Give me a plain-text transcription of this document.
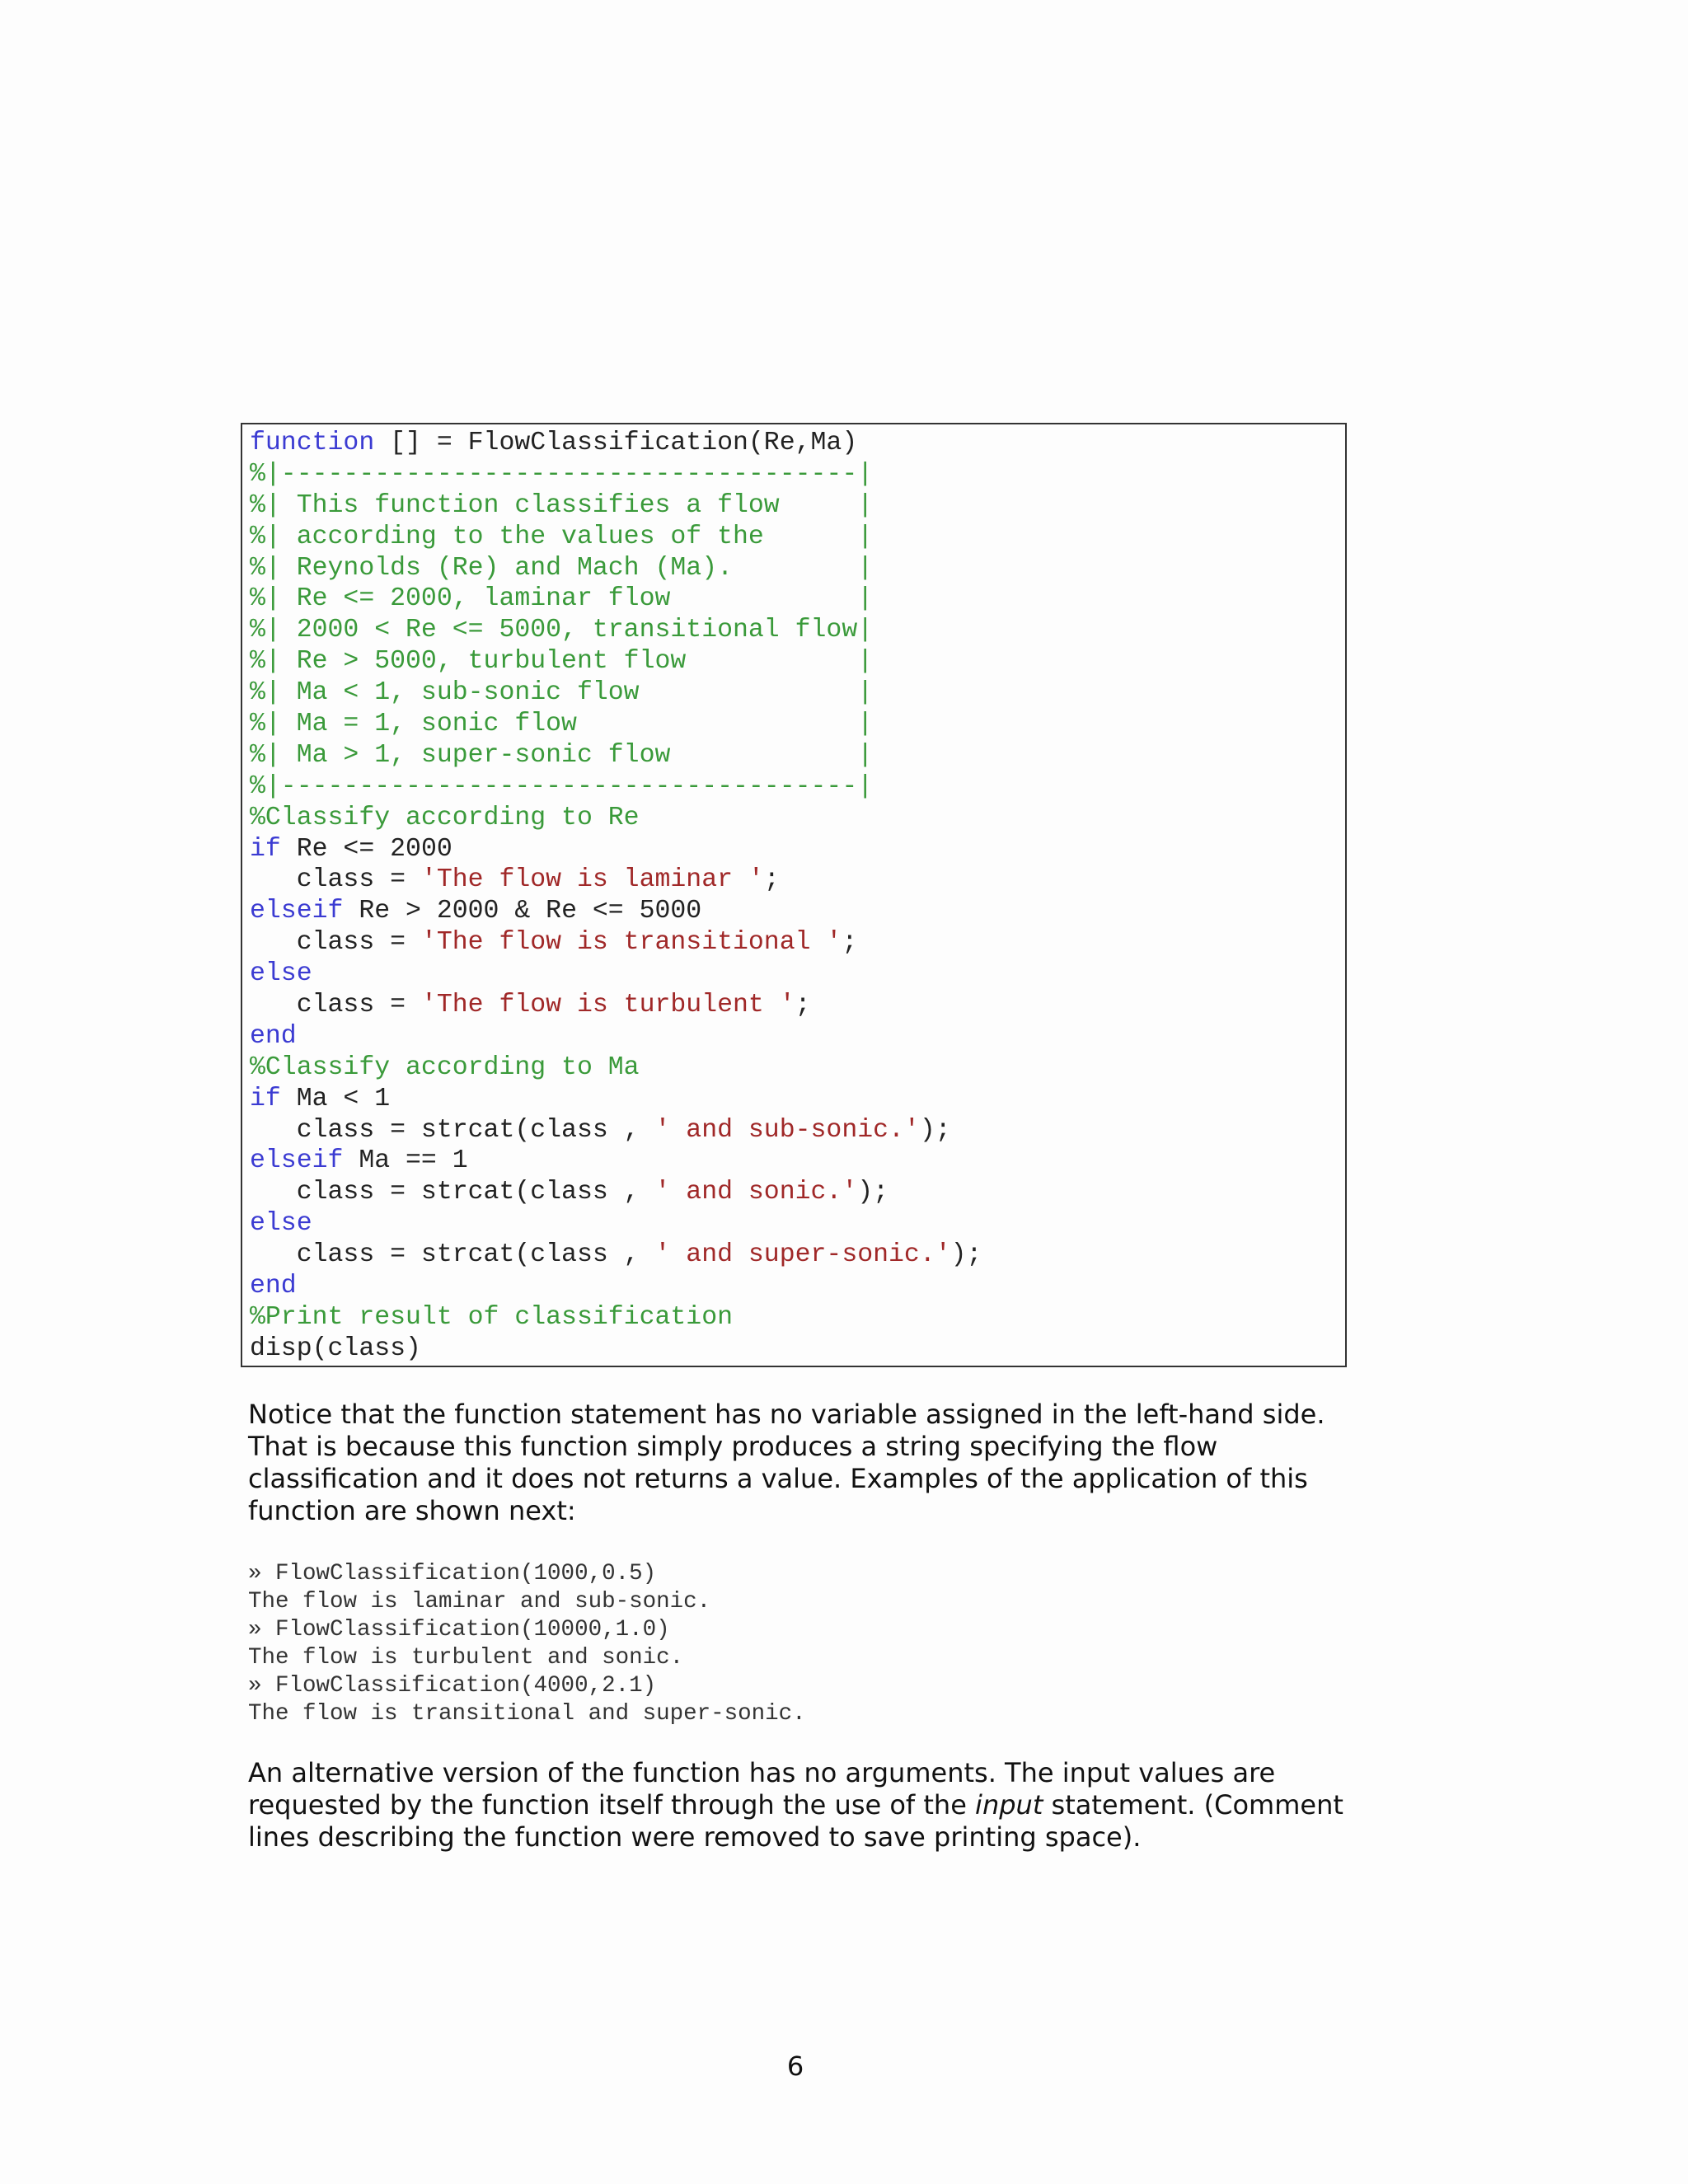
function [] = FlowClassification(Re,Ma)
%|-------------------------------------|
%| This function classifies a flow     |
%| according to the values of the      |
%| Reynolds (Re) and Mach (Ma).        |
%| Re <= 2000, laminar flow            |
%| 2000 < Re <= 5000, transitional flow|
%| Re > 5000, turbulent flow           |
%| Ma < 1, sub-sonic flow              |
%| Ma = 1, sonic flow                  |
%| Ma > 1, super-sonic flow            |
%|-------------------------------------|
%Classify according to Re
if Re <= 2000
class = 'The flow is laminar ';
elseif Re > 2000 & Re <= 5000
class = 'The flow is transitional ';
else
class = 'The flow is turbulent ';
end
%Classify according to Ma
if Ma < 1
class = strcat(class , ' and sub-sonic.');
elseif Ma == 1
class = strcat(class , ' and sonic.');
else
class = strcat(class , ' and super-sonic.');
end
%Print result of classification
disp(class)
Notice that the function statement has no variable assigned in the left-hand side. That is because this function simply produces a string specifying the flow classification and it does not returns a value. Examples of the application of this function are shown next:
» FlowClassification(1000,0.5)
The flow is laminar and sub-sonic.
» FlowClassification(10000,1.0)
The flow is turbulent and sonic.
» FlowClassification(4000,2.1)
The flow is transitional and super-sonic.
An alternative version of the function has no arguments. The input values are requested by the function itself through the use of the input statement. (Comment lines describing the function were removed to save printing space).
6
